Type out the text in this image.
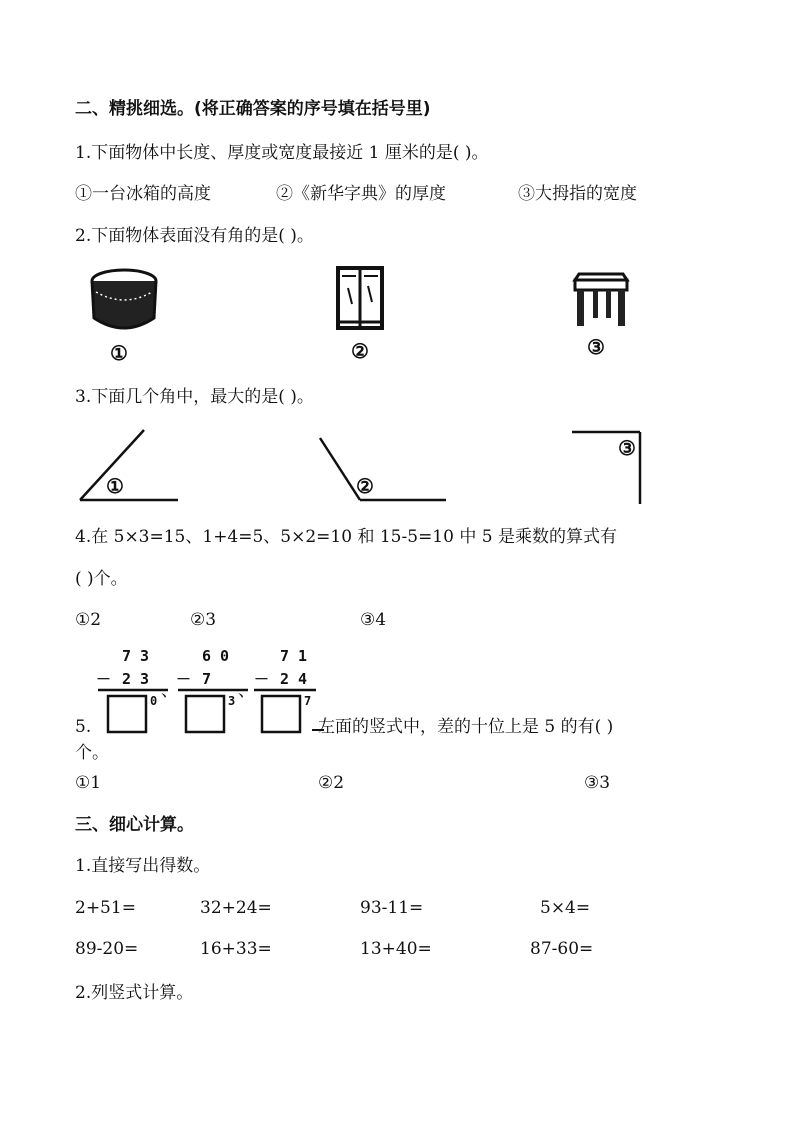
二、精挑细选。(将正确答案的序号填在括号里)
1.下面物体中长度、厚度或宽度最接近 1 厘米的是( )。
①一台冰箱的高度	②《新华字典》的厚度	③大拇指的宽度
2.下面物体表面没有角的是( )。
①	②	③
3.下面几个角中，最大的是( )。
①	②
③
4.在 5×3=15、1+4=5、5×2=10 和 15-5=10 中 5 是乘数的算式有
( )个。
①2	②3	③4
7 3
－ 2 3
0 、
6 0
－ 7
3 、
7 1
－ 2 4
7
5.	左面的竖式中，差的十位上是 5 的有( )
个。
①1	②2	③3
三、细心计算。
1.直接写出得数。
2+51=	32+24=	93-11=	5×4=
89-20=	16+33=	13+40=	87-60=
2.列竖式计算。
